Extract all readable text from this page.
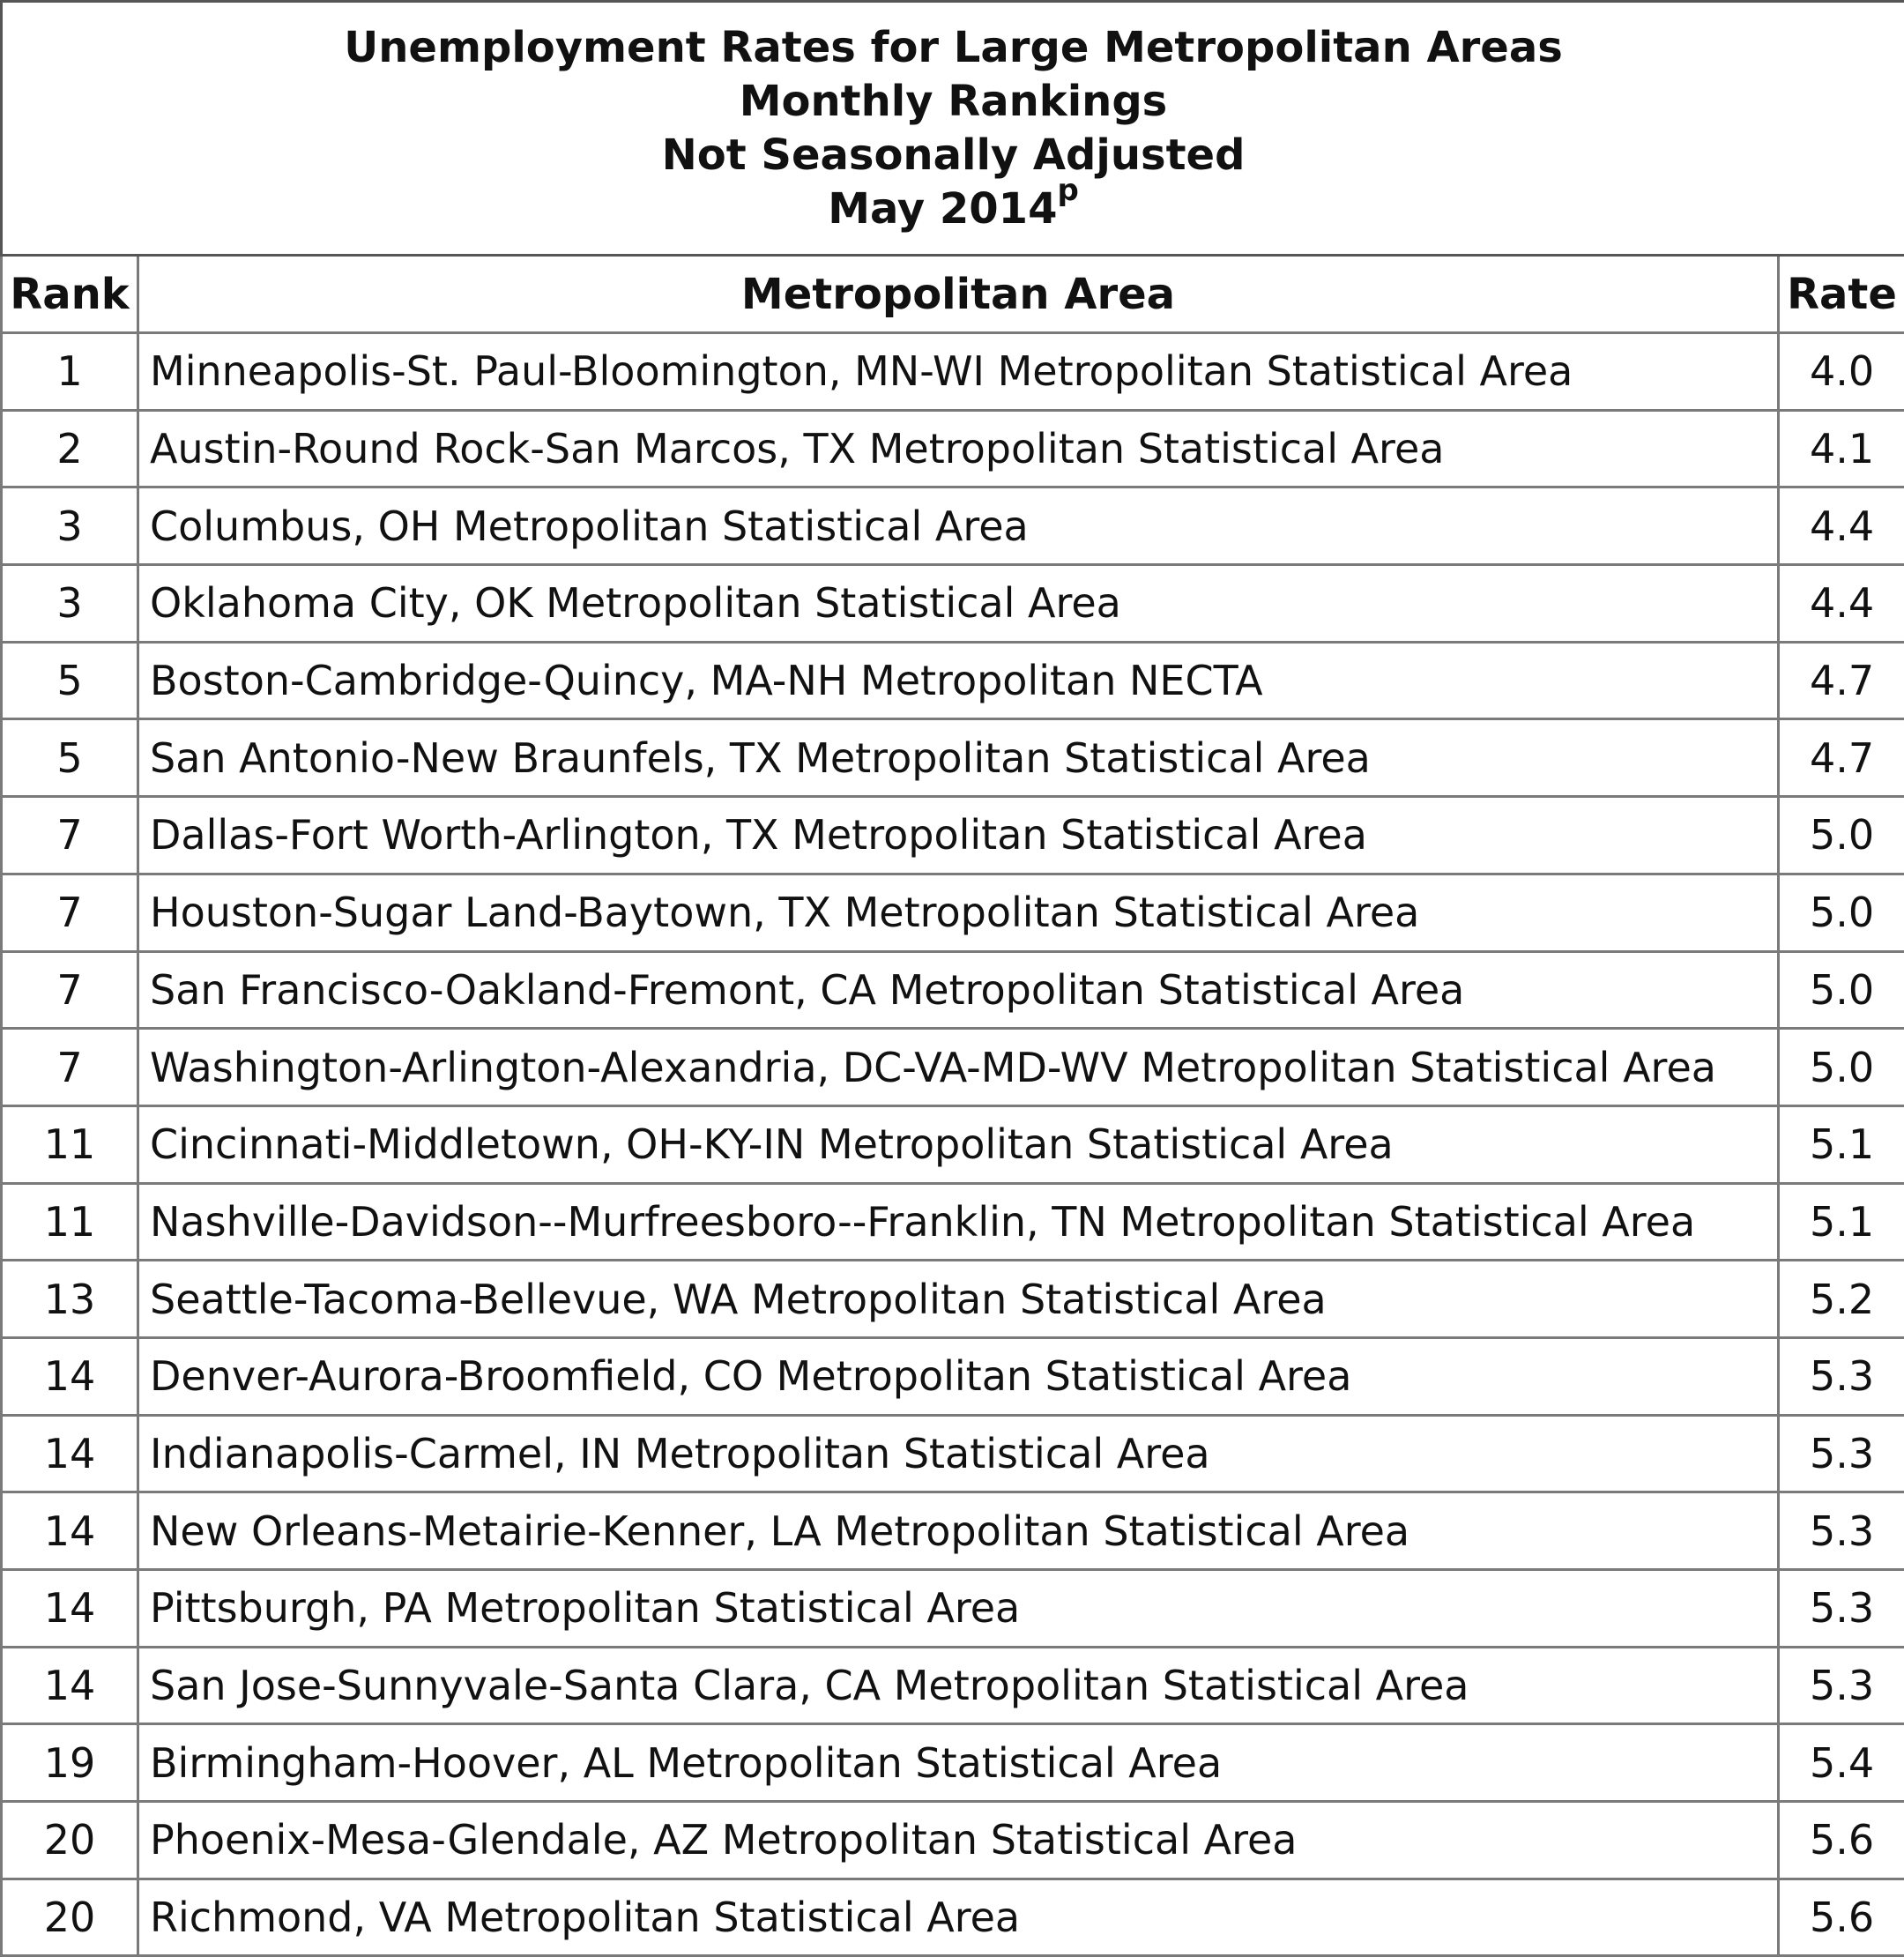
Unemployment Rates for Large Metropolitan Areas
Monthly Rankings
Not Seasonally Adjusted
May 2014$^p$

Rank	Metropolitan Area	Rate
1	Minneapolis-St. Paul-Bloomington, MN-WI Metropolitan Statistical Area	4.0
2	Austin-Round Rock-San Marcos, TX Metropolitan Statistical Area	4.1
3	Columbus, OH Metropolitan Statistical Area	4.4
3	Oklahoma City, OK Metropolitan Statistical Area	4.4
5	Boston-Cambridge-Quincy, MA-NH Metropolitan NECTA	4.7
5	San Antonio-New Braunfels, TX Metropolitan Statistical Area	4.7
7	Dallas-Fort Worth-Arlington, TX Metropolitan Statistical Area	5.0
7	Houston-Sugar Land-Baytown, TX Metropolitan Statistical Area	5.0
7	San Francisco-Oakland-Fremont, CA Metropolitan Statistical Area	5.0
7	Washington-Arlington-Alexandria, DC-VA-MD-WV Metropolitan Statistical Area	5.0
11	Cincinnati-Middletown, OH-KY-IN Metropolitan Statistical Area	5.1
11	Nashville-Davidson--Murfreesboro--Franklin, TN Metropolitan Statistical Area	5.1
13	Seattle-Tacoma-Bellevue, WA Metropolitan Statistical Area	5.2
14	Denver-Aurora-Broomfield, CO Metropolitan Statistical Area	5.3
14	Indianapolis-Carmel, IN Metropolitan Statistical Area	5.3
14	New Orleans-Metairie-Kenner, LA Metropolitan Statistical Area	5.3
14	Pittsburgh, PA Metropolitan Statistical Area	5.3
14	San Jose-Sunnyvale-Santa Clara, CA Metropolitan Statistical Area	5.3
19	Birmingham-Hoover, AL Metropolitan Statistical Area	5.4
20	Phoenix-Mesa-Glendale, AZ Metropolitan Statistical Area	5.6
20	Richmond, VA Metropolitan Statistical Area	5.6
